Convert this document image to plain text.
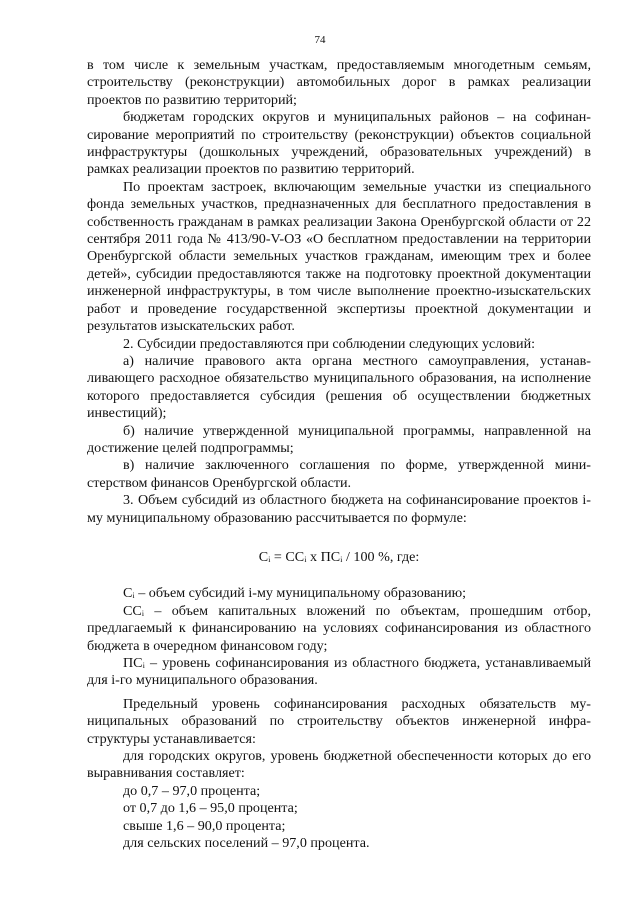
74

в том числе к земельным участкам, предоставляемым многодетным семьям, строительству (реконструкции) автомобильных дорог в рамках реализации проектов по развитию территорий;

бюджетам городских округов и муниципальных районов – на софинансирование мероприятий по строительству (реконструкции) объектов социальной инфраструктуры (дошкольных учреждений, образовательных учреждений) в рамках реализации проектов по развитию территорий.

По проектам застроек, включающим земельные участки из специального фонда земельных участков, предназначенных для бесплатного предоставления в собственность гражданам в рамках реализации Закона Оренбургской области от 22 сентября 2011 года № 413/90-V-ОЗ «О бесплатном предоставлении на территории Оренбургской области земельных участков гражданам, имеющим трех и более детей», субсидии предоставляются также на подготовку проектной документации инженерной инфраструктуры, в том числе выполнение проектно-изыскательских работ и проведение государственной экспертизы проектной документации и результатов изыскательских работ.

2. Субсидии предоставляются при соблюдении следующих условий:

а) наличие правового акта органа местного самоуправления, устанавливающего расходное обязательство муниципального образования, на исполнение которого предоставляется субсидия (решения об осуществлении бюджетных инвестиций);

б) наличие утвержденной муниципальной программы, направленной на достижение целей подпрограммы;

в) наличие заключенного соглашения по форме, утвержденной министерством финансов Оренбургской области.

3. Объем субсидий из областного бюджета на софинансирование проектов i-му муниципальному образованию рассчитывается по формуле:

Cᵢ = СCᵢ х ПCᵢ / 100 %, где:

Cᵢ – объем субсидий i-му муниципальному образованию;

СCᵢ – объем капитальных вложений по объектам, прошедшим отбор, предлагаемый к финансированию на условиях софинансирования из областного бюджета в очередном финансовом году;

ПCᵢ – уровень софинансирования из областного бюджета, устанавливаемый для i-го муниципального образования.

Предельный уровень софинансирования расходных обязательств муниципальных образований по строительству объектов инженерной инфраструктуры устанавливается:

для городских округов, уровень бюджетной обеспеченности которых до его выравнивания составляет:

до 0,7 – 97,0 процента;

от 0,7 до 1,6 – 95,0 процента;

свыше 1,6 – 90,0 процента;

для сельских поселений – 97,0 процента.
